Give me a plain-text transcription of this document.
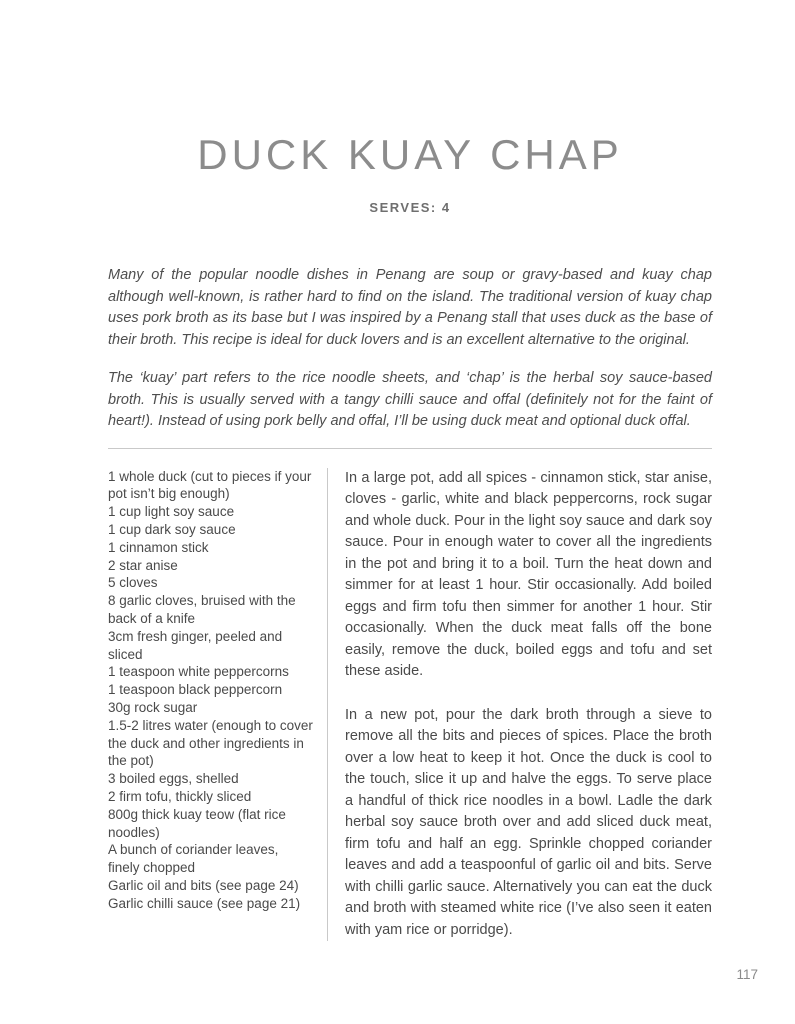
DUCK KUAY CHAP
SERVES: 4

Many of the popular noodle dishes in Penang are soup or gravy-based and kuay chap although well-known, is rather hard to find on the island. The traditional version of kuay chap uses pork broth as its base but I was inspired by a Penang stall that uses duck as the base of their broth. This recipe is ideal for duck lovers and is an excellent alternative to the original.

The ‘kuay’ part refers to the rice noodle sheets, and ‘chap’ is the herbal soy sauce-based broth. This is usually served with a tangy chilli sauce and offal (definitely not for the faint of heart!). Instead of using pork belly and offal, I’ll be using duck meat and optional duck offal.

1 whole duck (cut to pieces if your pot isn’t big enough)
1 cup light soy sauce
1 cup dark soy sauce
1 cinnamon stick
2 star anise
5 cloves
8 garlic cloves, bruised with the back of a knife
3cm fresh ginger, peeled and sliced
1 teaspoon white peppercorns
1 teaspoon black peppercorn
30g rock sugar
1.5-2 litres water (enough to cover the duck and other ingredients in the pot)
3 boiled eggs, shelled
2 firm tofu, thickly sliced
800g thick kuay teow (flat rice noodles)
A bunch of coriander leaves, finely chopped
Garlic oil and bits (see page 24)
Garlic chilli sauce (see page 21)

In a large pot, add all spices - cinnamon stick, star anise, cloves - garlic, white and black peppercorns, rock sugar and whole duck. Pour in the light soy sauce and dark soy sauce. Pour in enough water to cover all the ingredients in the pot and bring it to a boil. Turn the heat down and simmer for at least 1 hour. Stir occasionally. Add boiled eggs and firm tofu then simmer for another 1 hour. Stir occasionally. When the duck meat falls off the bone easily, remove the duck, boiled eggs and tofu and set these aside.

In a new pot, pour the dark broth through a sieve to remove all the bits and pieces of spices. Place the broth over a low heat to keep it hot. Once the duck is cool to the touch, slice it up and halve the eggs. To serve place a handful of thick rice noodles in a bowl. Ladle the dark herbal soy sauce broth over and add sliced duck meat, firm tofu and half an egg. Sprinkle chopped coriander leaves and add a teaspoonful of garlic oil and bits. Serve with chilli garlic sauce. Alternatively you can eat the duck and broth with steamed white rice (I’ve also seen it eaten with yam rice or porridge).

117
